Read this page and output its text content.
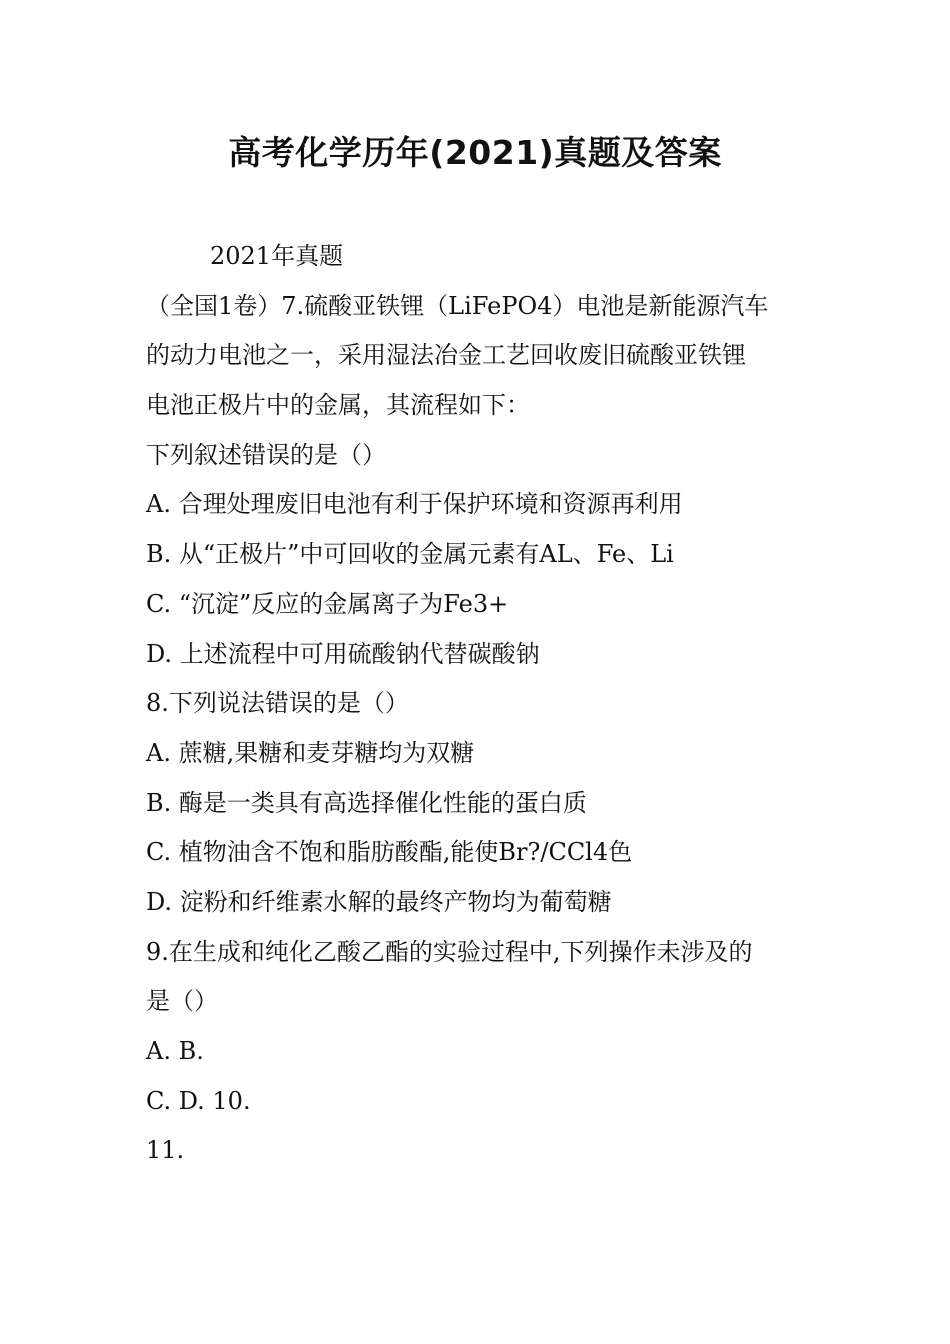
高考化学历年(2021)真题及答案
2021年真题
（全国1卷）7.硫酸亚铁锂（LiFePO4）电池是新能源汽车
的动力电池之一，采用湿法冶金工艺回收废旧硫酸亚铁锂
电池正极片中的金属，其流程如下：
下列叙述错误的是（）
A. 合理处理废旧电池有利于保护环境和资源再利用
B. 从“正极片”中可回收的金属元素有AL、Fe、Li
C. “沉淀”反应的金属离子为Fe3+
D. 上述流程中可用硫酸钠代替碳酸钠
8.下列说法错误的是（）
A. 蔗糖,果糖和麦芽糖均为双糖
B. 酶是一类具有高选择催化性能的蛋白质
C. 植物油含不饱和脂肪酸酯,能使Br?/CCl4色
D. 淀粉和纤维素水解的最终产物均为葡萄糖
9.在生成和纯化乙酸乙酯的实验过程中,下列操作未涉及的
是（）
A. B.
C. D. 10.
11.
